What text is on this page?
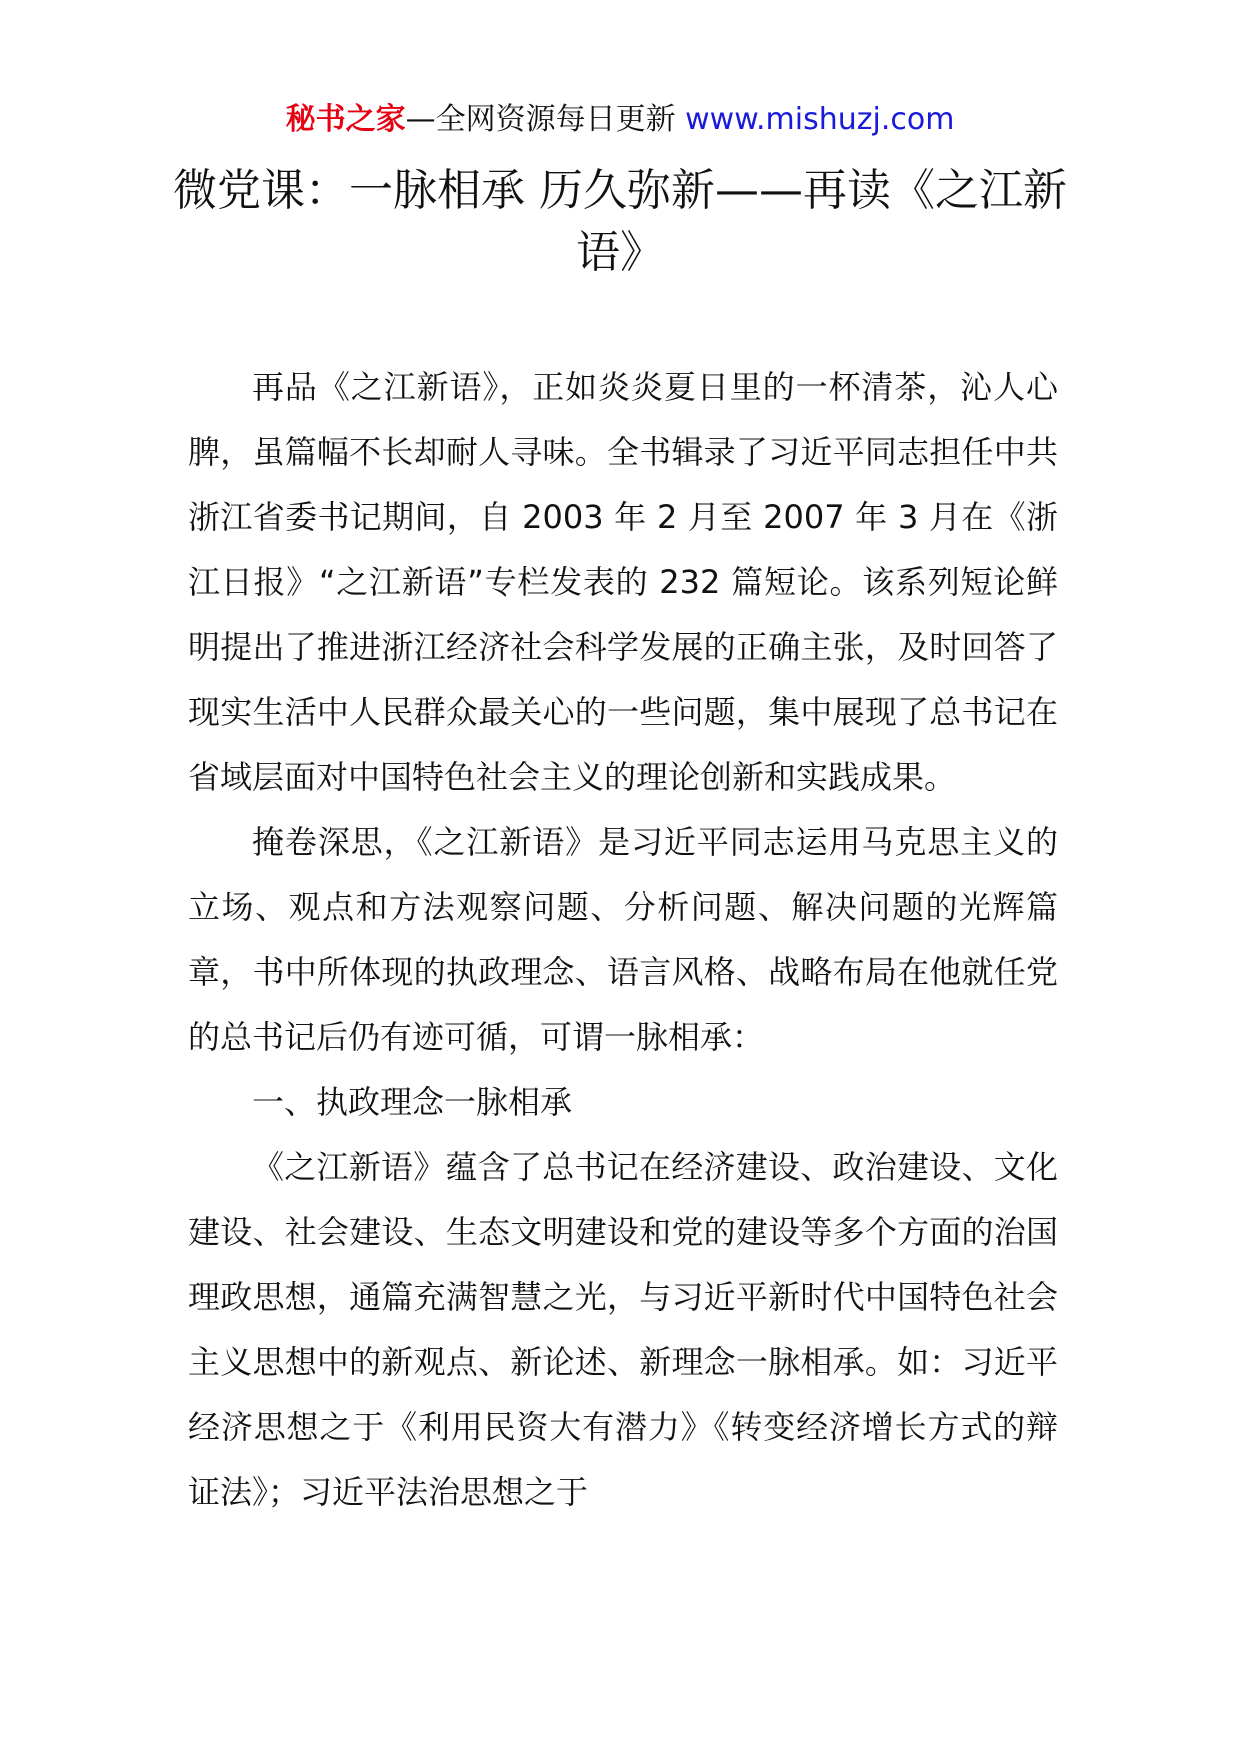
秘书之家—全网资源每日更新 www.mishuzj.com
微党课：一脉相承 历久弥新——再读《之江新语》

再品《之江新语》，正如炎炎夏日里的一杯清茶，沁人心脾，虽篇幅不长却耐人寻味。全书辑录了习近平同志担任中共浙江省委书记期间，自 2003 年 2 月至 2007 年 3 月在《浙江日报》“之江新语”专栏发表的 232 篇短论。该系列短论鲜明提出了推进浙江经济社会科学发展的正确主张，及时回答了现实生活中人民群众最关心的一些问题，集中展现了总书记在省域层面对中国特色社会主义的理论创新和实践成果。

掩卷深思，《之江新语》是习近平同志运用马克思主义的立场、观点和方法观察问题、分析问题、解决问题的光辉篇章，书中所体现的执政理念、语言风格、战略布局在他就任党的总书记后仍有迹可循，可谓一脉相承：

一、执政理念一脉相承

《之江新语》蕴含了总书记在经济建设、政治建设、文化建设、社会建设、生态文明建设和党的建设等多个方面的治国理政思想，通篇充满智慧之光，与习近平新时代中国特色社会主义思想中的新观点、新论述、新理念一脉相承。如：习近平经济思想之于《利用民资大有潜力》《转变经济增长方式的辩证法》；习近平法治思想之于
